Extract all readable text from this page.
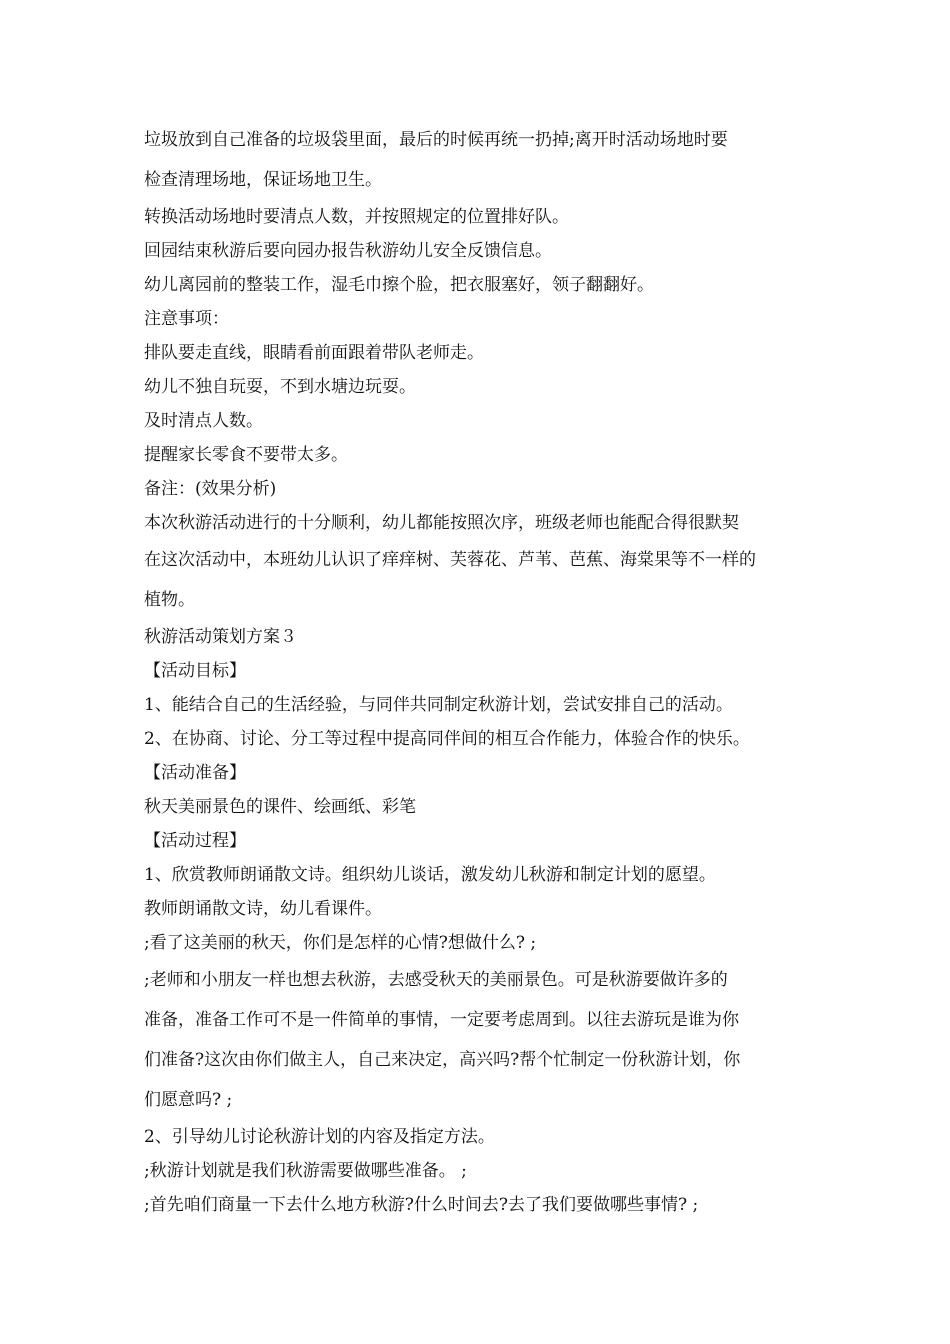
垃圾放到自己准备的垃圾袋里面，最后的时候再统一扔掉;离开时活动场地时要

检查清理场地，保证场地卫生。

转换活动场地时要清点人数，并按照规定的位置排好队。

回园结束秋游后要向园办报告秋游幼儿安全反馈信息。

幼儿离园前的整装工作，湿毛巾擦个脸，把衣服塞好，领子翻翻好。

注意事项：

排队要走直线，眼睛看前面跟着带队老师走。

幼儿不独自玩耍，不到水塘边玩耍。

及时清点人数。

提醒家长零食不要带太多。

备注：(效果分析)

本次秋游活动进行的十分顺利，幼儿都能按照次序，班级老师也能配合得很默契

在这次活动中，本班幼儿认识了痒痒树、芙蓉花、芦苇、芭蕉、海棠果等不一样的

植物。

秋游活动策划方案３

【活动目标】

1、能结合自己的生活经验，与同伴共同制定秋游计划，尝试安排自己的活动。

2、在协商、讨论、分工等过程中提高同伴间的相互合作能力，体验合作的快乐。

【活动准备】

秋天美丽景色的课件、绘画纸、彩笔

【活动过程】

1、欣赏教师朗诵散文诗。组织幼儿谈话，激发幼儿秋游和制定计划的愿望。

教师朗诵散文诗，幼儿看课件。

;看了这美丽的秋天，你们是怎样的心情?想做什么? ;

;老师和小朋友一样也想去秋游，去感受秋天的美丽景色。可是秋游要做许多的

准备，准备工作可不是一件简单的事情，一定要考虑周到。以往去游玩是谁为你

们准备?这次由你们做主人，自己来决定，高兴吗?帮个忙制定一份秋游计划，你

们愿意吗? ;

2、引导幼儿讨论秋游计划的内容及指定方法。

;秋游计划就是我们秋游需要做哪些准备。 ;

;首先咱们商量一下去什么地方秋游?什么时间去?去了我们要做哪些事情? ;
